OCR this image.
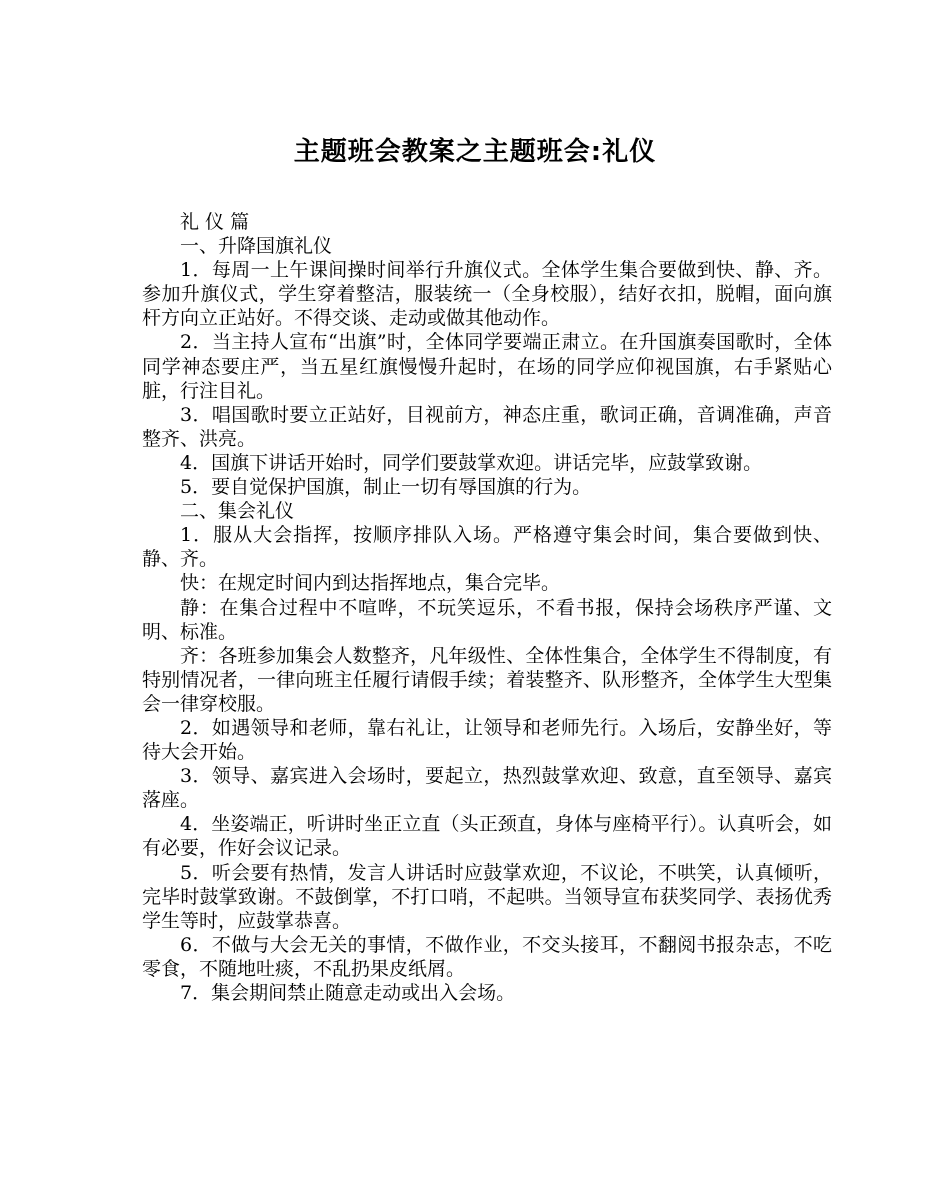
主题班会教案之主题班会:礼仪

礼 仪 篇

一、升降国旗礼仪

1．每周一上午课间操时间举行升旗仪式。全体学生集合要做到快、静、齐。参加升旗仪式，学生穿着整洁，服装统一（全身校服），结好衣扣，脱帽，面向旗杆方向立正站好。不得交谈、走动或做其他动作。

2．当主持人宣布“出旗”时，全体同学要端正肃立。在升国旗奏国歌时，全体同学神态要庄严，当五星红旗慢慢升起时，在场的同学应仰视国旗，右手紧贴心脏，行注目礼。

3．唱国歌时要立正站好，目视前方，神态庄重，歌词正确，音调准确，声音整齐、洪亮。

4．国旗下讲话开始时，同学们要鼓掌欢迎。讲话完毕，应鼓掌致谢。

5．要自觉保护国旗，制止一切有辱国旗的行为。

二、集会礼仪

1．服从大会指挥，按顺序排队入场。严格遵守集会时间，集合要做到快、静、齐。

快：在规定时间内到达指挥地点，集合完毕。

静：在集合过程中不喧哗，不玩笑逗乐，不看书报，保持会场秩序严谨、文明、标准。

齐：各班参加集会人数整齐，凡年级性、全体性集合，全体学生不得制度，有特别情况者，一律向班主任履行请假手续；着装整齐、队形整齐，全体学生大型集会一律穿校服。

2．如遇领导和老师，靠右礼让，让领导和老师先行。入场后，安静坐好，等待大会开始。

3．领导、嘉宾进入会场时，要起立，热烈鼓掌欢迎、致意，直至领导、嘉宾落座。

4．坐姿端正，听讲时坐正立直（头正颈直，身体与座椅平行）。认真听会，如有必要，作好会议记录。

5．听会要有热情，发言人讲话时应鼓掌欢迎，不议论，不哄笑，认真倾听，完毕时鼓掌致谢。不鼓倒掌，不打口哨，不起哄。当领导宣布获奖同学、表扬优秀学生等时，应鼓掌恭喜。

6．不做与大会无关的事情，不做作业，不交头接耳，不翻阅书报杂志，不吃零食，不随地吐痰，不乱扔果皮纸屑。

7．集会期间禁止随意走动或出入会场。
